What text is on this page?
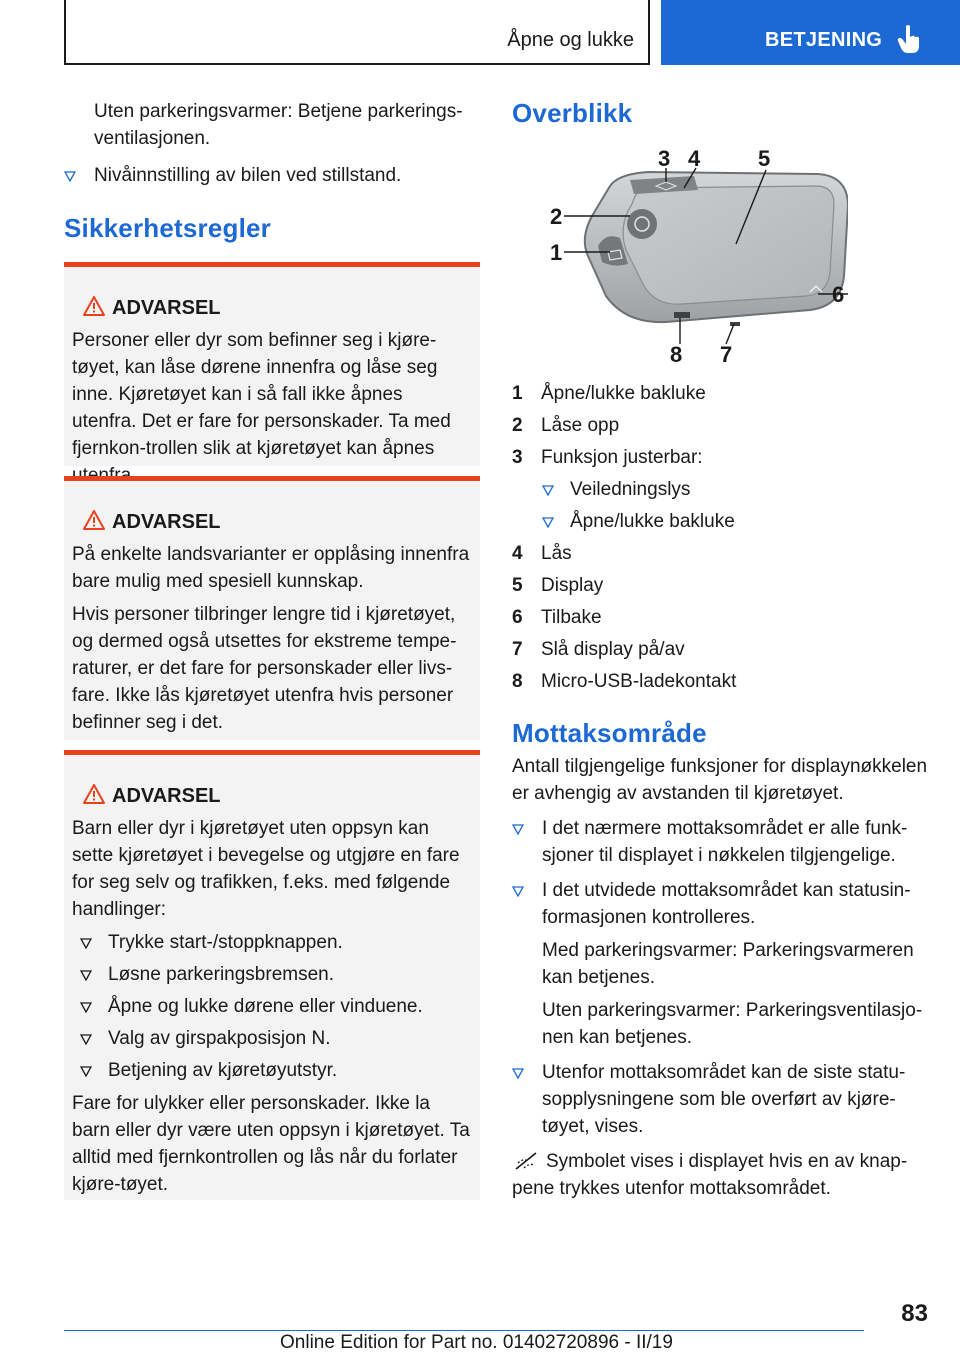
Åpne og lukke	BETJENING
Uten parkeringsvarmer: Betjene parkerings-
ventilasjonen.
Nivåinnstilling av bilen ved stillstand.
Sikkerhetsregler
ADVARSEL
Personer eller dyr som befinner seg i kjøre-tøyet, kan låse dørene innenfra og låse seg inne. Kjøretøyet kan i så fall ikke åpnes utenfra. Det er fare for personskader. Ta med fjernkon-trollen slik at kjøretøyet kan åpnes
ADVARSEL
På enkelte landsvarianter er opplåsing innenfra bare mulig med spesiell kunnskap.
Hvis personer tilbringer lengre tid i kjøretøyet, og dermed også utsettes for ekstreme tempe-raturer, er det fare for personskader eller livs-fare. Ikke lås kjøretøyet utenfra hvis personer befinner seg i det.
ADVARSEL
Barn eller dyr i kjøretøyet uten oppsyn kan sette kjøretøyet i bevegelse og utgjøre en fare for seg selv og trafikken, f.eks. med følgende handlinger:
Trykke start-/stoppknappen.
Løsne parkeringsbremsen.
Åpne og lukke dørene eller vinduene.
Valg av girspakposisjon N.
Betjening av kjøretøyutstyr.
Fare for ulykker eller personskader. Ikke la barn eller dyr være uten oppsyn i kjøretøyet. Ta alltid med fjernkontrollen og lås når du forlater kjøre-tøyet.
Overblikk
1
2
3 4	5
6
7
8
1 Åpne/lukke bakluke
2 Låse opp
3 Funksjon justerbar:
Veiledningslys
Åpne/lukke bakluke
4 Lås
5 Display
6 Tilbake
7 Slå display på/av
8 Micro-USB-ladekontakt
Mottaksområde
Antall tilgjengelige funksjoner for displaynøkkelen er avhengig av avstanden til kjøretøyet.
I det nærmere mottaksområdet er alle funk-sjoner til displayet i nøkkelen tilgjengelige.
I det utvidede mottaksområdet kan statusin-formasjonen kontrolleres.
Med parkeringsvarmer: Parkeringsvarmeren kan betjenes.
Uten parkeringsvarmer: Parkeringsventilasjo-nen kan betjenes.
Utenfor mottaksområdet kan de siste statu-sopplysningene som ble overført av kjøre-tøyet, vises.
Symbolet vises i displayet hvis en av knap-pene trykkes utenfor mottaksområdet.
83
Online Edition for Part no. 01402720896 - II/19
